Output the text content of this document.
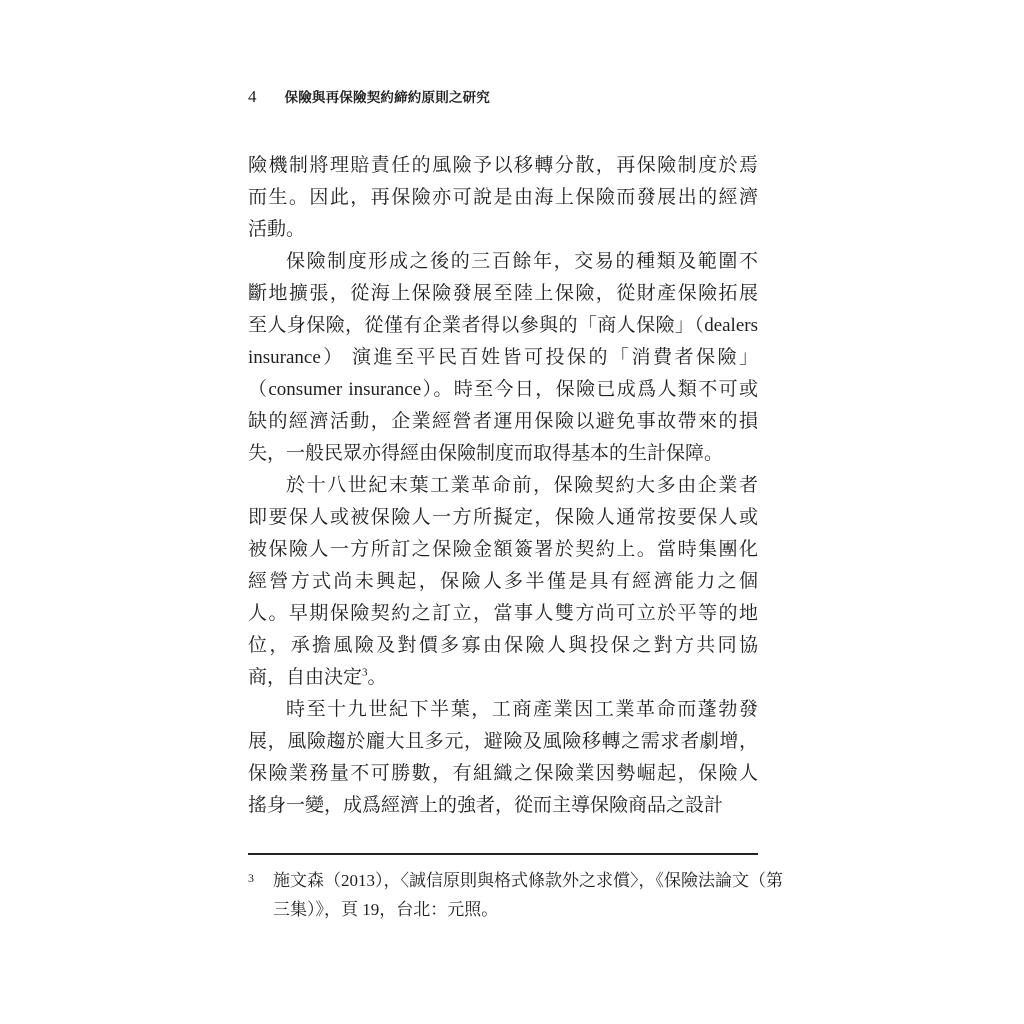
4 保險與再保險契約締約原則之研究
險機制將理賠責任的風險予以移轉分散，再保險制度於焉
而生。因此，再保險亦可說是由海上保險而發展出的經濟
活動。
保險制度形成之後的三百餘年，交易的種類及範圍不
斷地擴張，從海上保險發展至陸上保險，從財產保險拓展
至人身保險，從僅有企業者得以參與的「商人保險」（dealers
insurance） 演進至平民百姓皆可投保的「消費者保險」
（consumer insurance）。時至今日，保險已成爲人類不可或
缺的經濟活動，企業經營者運用保險以避免事故帶來的損
失，一般民眾亦得經由保險制度而取得基本的生計保障。
於十八世紀末葉工業革命前，保險契約大多由企業者
即要保人或被保險人一方所擬定，保險人通常按要保人或
被保險人一方所訂之保險金額簽署於契約上。當時集團化
經營方式尚未興起，保險人多半僅是具有經濟能力之個
人。早期保險契約之訂立，當事人雙方尚可立於平等的地
位，承擔風險及對價多寡由保險人與投保之對方共同協
商，自由決定$^3$。
時至十九世紀下半葉，工商產業因工業革命而蓬勃發
展，風險趨於龐大且多元，避險及風險移轉之需求者劇增，
保險業務量不可勝數，有組織之保險業因勢崛起，保險人
搖身一變，成爲經濟上的強者，從而主導保險商品之設計
3 施文森（2013），〈誠信原則與格式條款外之求償〉，《保險法論文（第
三集）》，頁 19，台北：元照。
